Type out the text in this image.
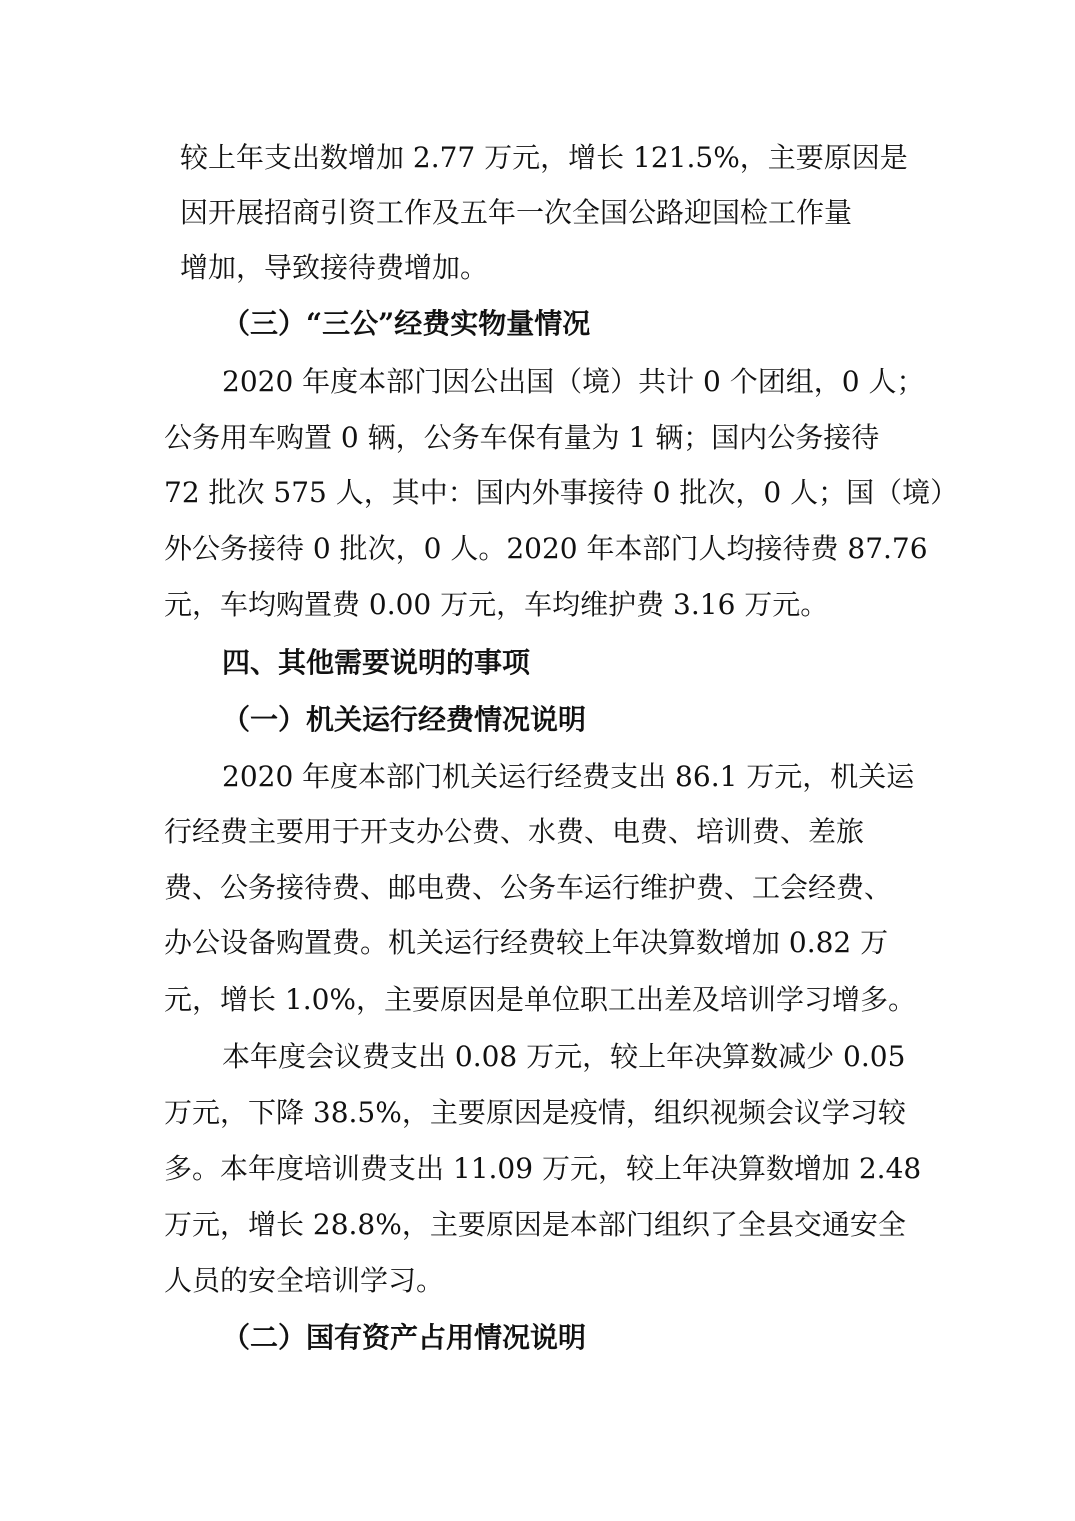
较上年支出数增加 2.77 万元，增长 121.5%，主要原因是
因开展招商引资工作及五年一次全国公路迎国检工作量
增加，导致接待费增加。
（三）“三公”经费实物量情况
2020 年度本部门因公出国（境）共计 0 个团组，0 人；
公务用车购置 0 辆，公务车保有量为 1 辆；国内公务接待
72 批次 575 人，其中：国内外事接待 0 批次，0 人；国（境）
外公务接待 0 批次，0 人。2020 年本部门人均接待费 87.76
元，车均购置费 0.00 万元，车均维护费 3.16 万元。
四、其他需要说明的事项
（一）机关运行经费情况说明
2020 年度本部门机关运行经费支出 86.1 万元，机关运
行经费主要用于开支办公费、水费、电费、培训费、差旅
费、公务接待费、邮电费、公务车运行维护费、工会经费、
办公设备购置费。机关运行经费较上年决算数增加 0.82 万
元，增长 1.0%，主要原因是单位职工出差及培训学习增多。
本年度会议费支出 0.08 万元，较上年决算数减少 0.05
万元，下降 38.5%，主要原因是疫情，组织视频会议学习较
多。本年度培训费支出 11.09 万元，较上年决算数增加 2.48
万元，增长 28.8%，主要原因是本部门组织了全县交通安全
人员的安全培训学习。
（二）国有资产占用情况说明
